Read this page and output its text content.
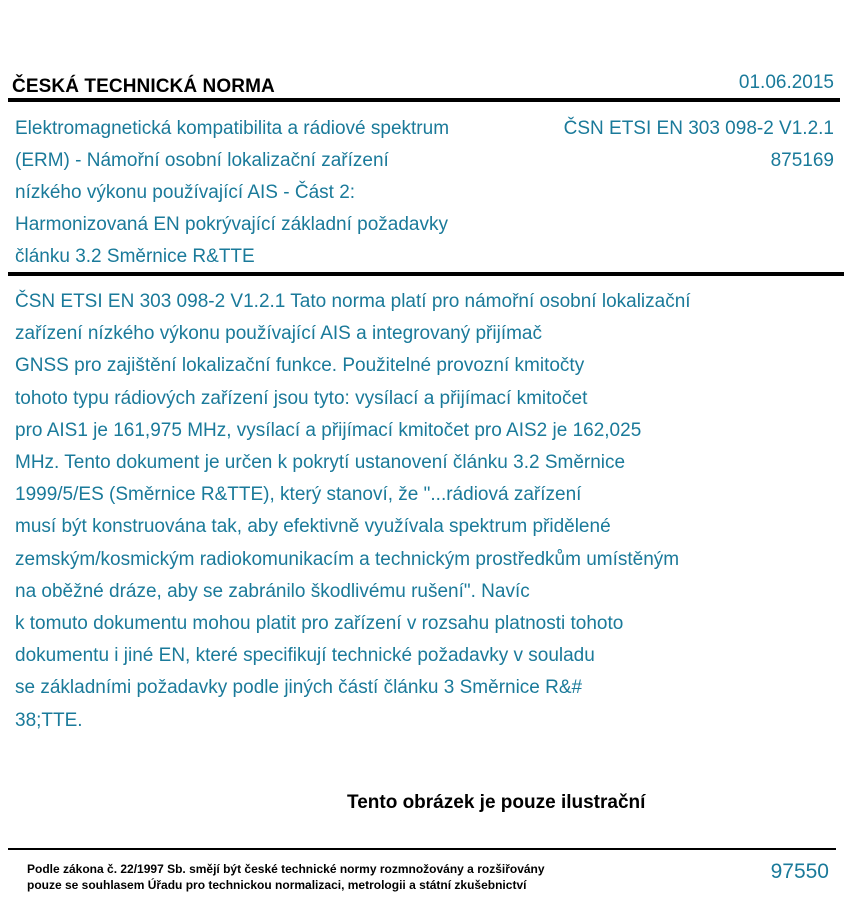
ČESKÁ TECHNICKÁ NORMA	01.06.2015
Elektromagnetická kompatibilita a rádiové spektrum
(ERM) - Námořní osobní lokalizační zařízení
nízkého výkonu používající AIS - Část 2:
Harmonizovaná EN pokrývající základní požadavky
článku 3.2 Směrnice R&TTE
ČSN ETSI EN 303 098-2 V1.2.1
875169
ČSN ETSI EN 303 098-2 V1.2.1 Tato norma platí pro námořní osobní lokalizační
zařízení nízkého výkonu používající AIS a integrovaný přijímač
GNSS pro zajištění lokalizační funkce. Použitelné provozní kmitočty
tohoto typu rádiových zařízení jsou tyto: vysílací a přijímací kmitočet
pro AIS1 je 161,975 MHz, vysílací a přijímací kmitočet pro AIS2 je 162,025
MHz. Tento dokument je určen k pokrytí ustanovení článku 3.2 Směrnice
1999/5/ES (Směrnice R&TTE), který stanoví, že "...rádiová zařízení
musí být konstruována tak, aby efektivně využívala spektrum přidělené
zemským/kosmickým radiokomunikacím a technickým prostředkům umístěným
na oběžné dráze, aby se zabránilo škodlivému rušení". Navíc
k tomuto dokumentu mohou platit pro zařízení v rozsahu platnosti tohoto
dokumentu i jiné EN, které specifikují technické požadavky v souladu
se základními požadavky podle jiných částí článku 3 Směrnice R&#
38;TTE.
Tento obrázek je pouze ilustrační
Podle zákona č. 22/1997 Sb. smějí být české technické normy rozmnožovány a rozšiřovány
pouze se souhlasem Úřadu pro technickou normalizaci, metrologii a státní zkušebnictví
97550
